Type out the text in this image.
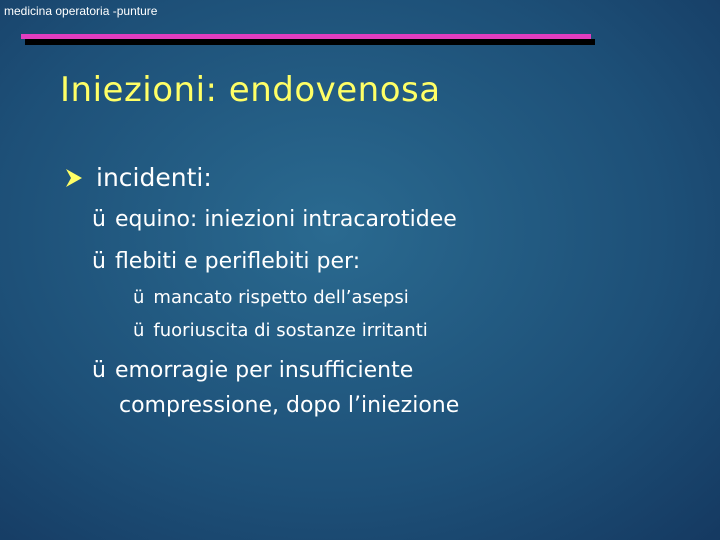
medicina operatoria -punture
Iniezioni: endovenosa
incidenti:
ü equino: iniezioni intracarotidee
ü flebiti e periflebiti per:
ü mancato rispetto dell’asepsi
ü fuoriuscita di sostanze irritanti
ü emorragie per insufficiente
compressione, dopo l’iniezione
